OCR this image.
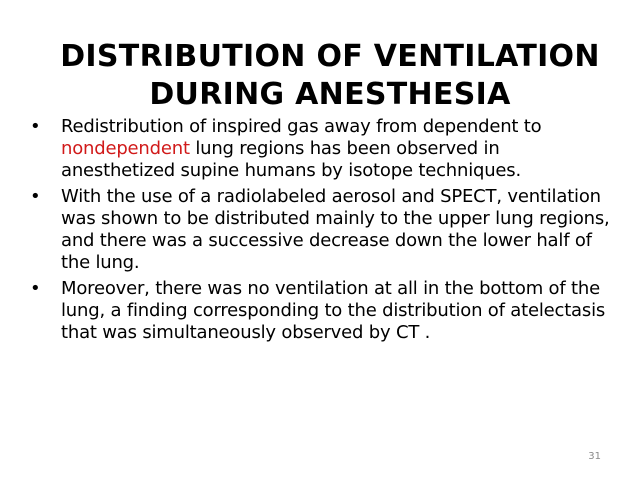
DISTRIBUTION OF VENTILATION
DURING ANESTHESIA
•	Redistribution of inspired gas away from dependent to nondependent lung regions has been observed in anesthetized supine humans by isotope techniques.
•	With the use of a radiolabeled aerosol and SPECT, ventilation was shown to be distributed mainly to the upper lung regions, and there was a successive decrease down the lower half of the lung.
•	Moreover, there was no ventilation at all in the bottom of the lung, a finding corresponding to the distribution of atelectasis that was simultaneously observed by CT .
31
